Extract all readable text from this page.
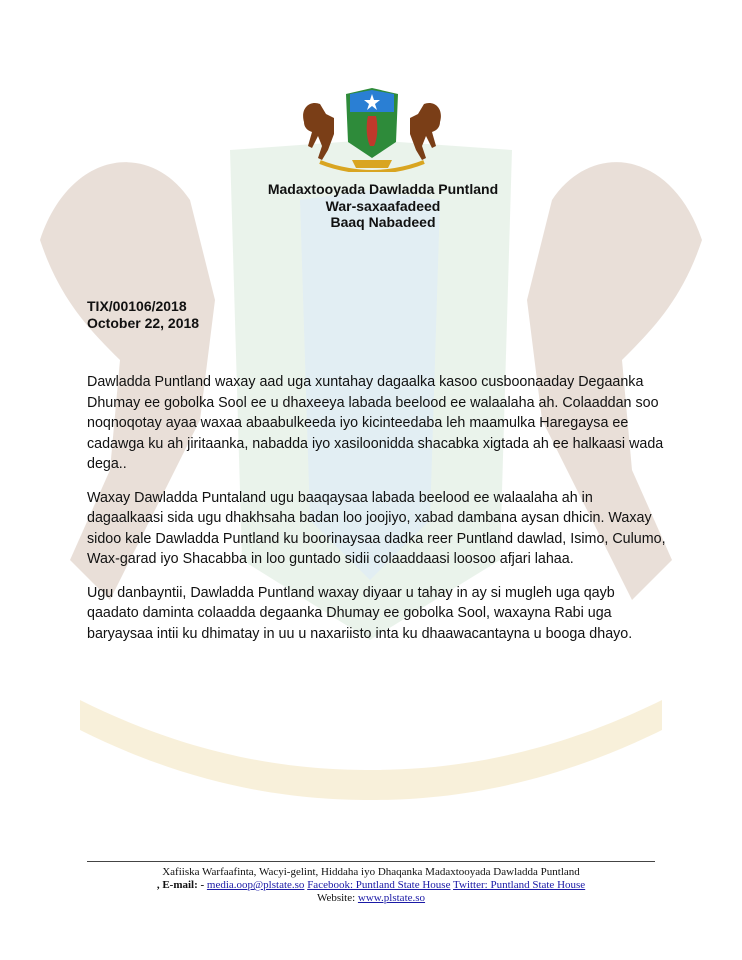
Madaxtooyada Dawladda Puntland
War-saxaafadeed
Baaq Nabadeed
TIX/00106/2018
October 22, 2018

Dawladda Puntland waxay aad uga xuntahay dagaalka kasoo cusboonaaday Degaanka Dhumay ee gobolka Sool ee u dhaxeeya labada beelood ee walaalaha ah. Colaaddan soo noqnoqotay ayaa waxaa abaabulkeeda iyo kicinteedaba leh maamulka Haregaysa ee cadawga ku ah jiritaanka, nabadda iyo xasiloonidda shacabka xigtada ah ee halkaasi wada dega..

Waxay Dawladda Puntaland ugu baaqaysaa labada beelood ee walaalaha ah in dagaalkaasi sida ugu dhakhsaha badan loo joojiyo, xabad dambana aysan dhicin. Waxay sidoo kale Dawladda Puntland ku boorinaysaa dadka reer Puntland dawlad, Isimo, Culumo, Wax-garad iyo Shacabba in loo guntado sidii colaaddaasi loosoo afjari lahaa.

Ugu danbayntii, Dawladda Puntland waxay diyaar u tahay in ay si mugleh uga qayb qaadato daminta colaadda degaanka Dhumay ee gobolka Sool, waxayna Rabi uga baryaysaa intii ku dhimatay in uu u naxariisto inta ku dhaawacantayna u booga dhayo.

Xafiiska Warfaafinta, Wacyi-gelint, Hiddaha iyo Dhaqanka Madaxtooyada Dawladda Puntland
, E-mail: - media.oop@plstate.so Facebook: Puntland State House Twitter: Puntland State House
Website: www.plstate.so
